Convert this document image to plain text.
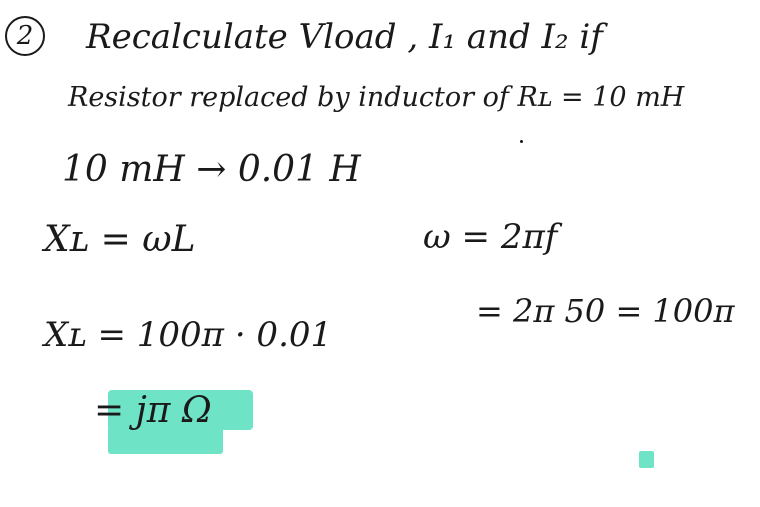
2	Recalculate Vload , I₁ and I₂ if
Resistor replaced by inductor of Rʟ = 10 mH
10 mH → 0.01 H
Xʟ = ωL	ω = 2πf
= 2π 50 = 100π
Xʟ = 100π · 0.01
= jπ Ω
